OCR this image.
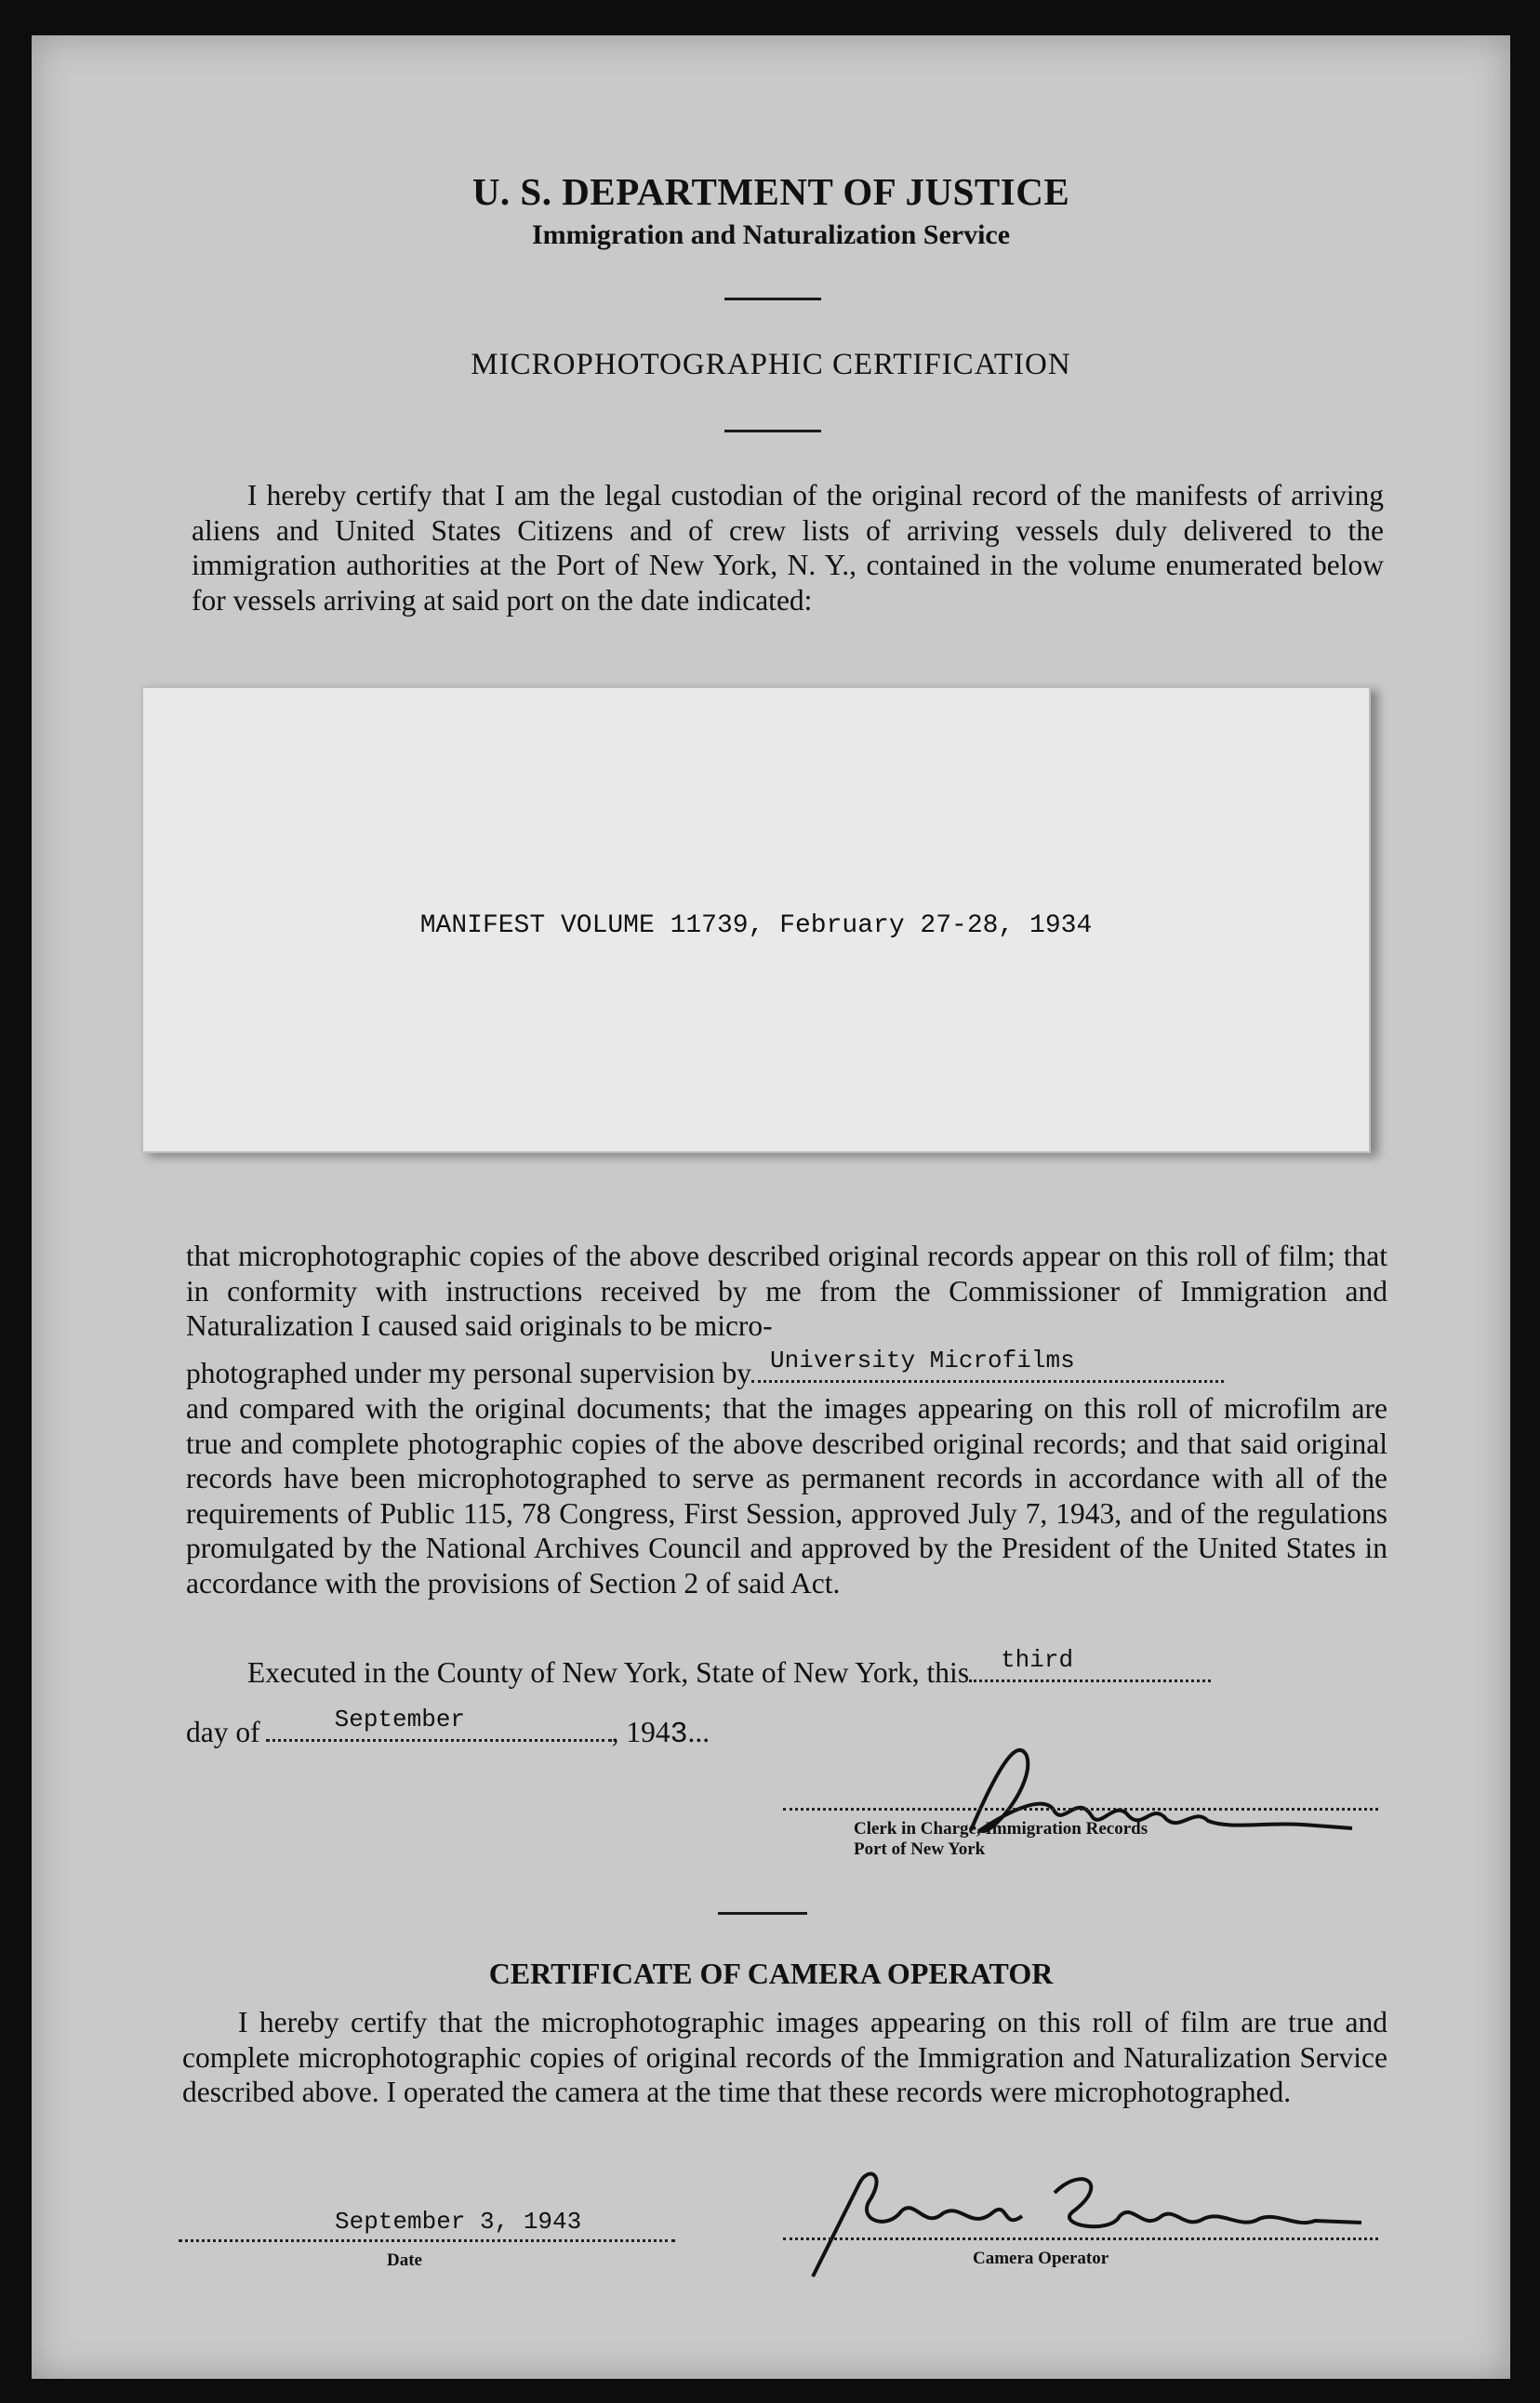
U. S. DEPARTMENT OF JUSTICE
Immigration and Naturalization Service
MICROPHOTOGRAPHIC CERTIFICATION
I hereby certify that I am the legal custodian of the original record of the manifests of arriving aliens and United States Citizens and of crew lists of arriving vessels duly delivered to the immigration authorities at the Port of New York, N. Y., contained in the volume enumerated below for vessels arriving at said port on the date indicated:
MANIFEST VOLUME 11739, February 27-28, 1934
that microphotographic copies of the above described original records appear on this roll of film; that in conformity with instructions received by me from the Commissioner of Immigration and Naturalization I caused said originals to be micro-
photographed under my personal supervision by University Microfilms
and compared with the original documents; that the images appearing on this roll of microfilm are true and complete photographic copies of the above described original records; and that said original records have been microphotographed to serve as permanent records in accordance with all of the requirements of Public 115, 78 Congress, First Session, approved July 7, 1943, and of the regulations promulgated by the National Archives Council and approved by the President of the United States in accordance with the provisions of Section 2 of said Act.
Executed in the County of New York, State of New York, this third
day of	September	, 1943...
Clerk in Charge, Immigration Records
Port of New York
CERTIFICATE OF CAMERA OPERATOR
I hereby certify that the microphotographic images appearing on this roll of film are true and complete microphotographic copies of original records of the Immigration and Naturalization Service described above. I operated the camera at the time that these records were microphotographed.
September 3, 1943
Date	Camera Operator
